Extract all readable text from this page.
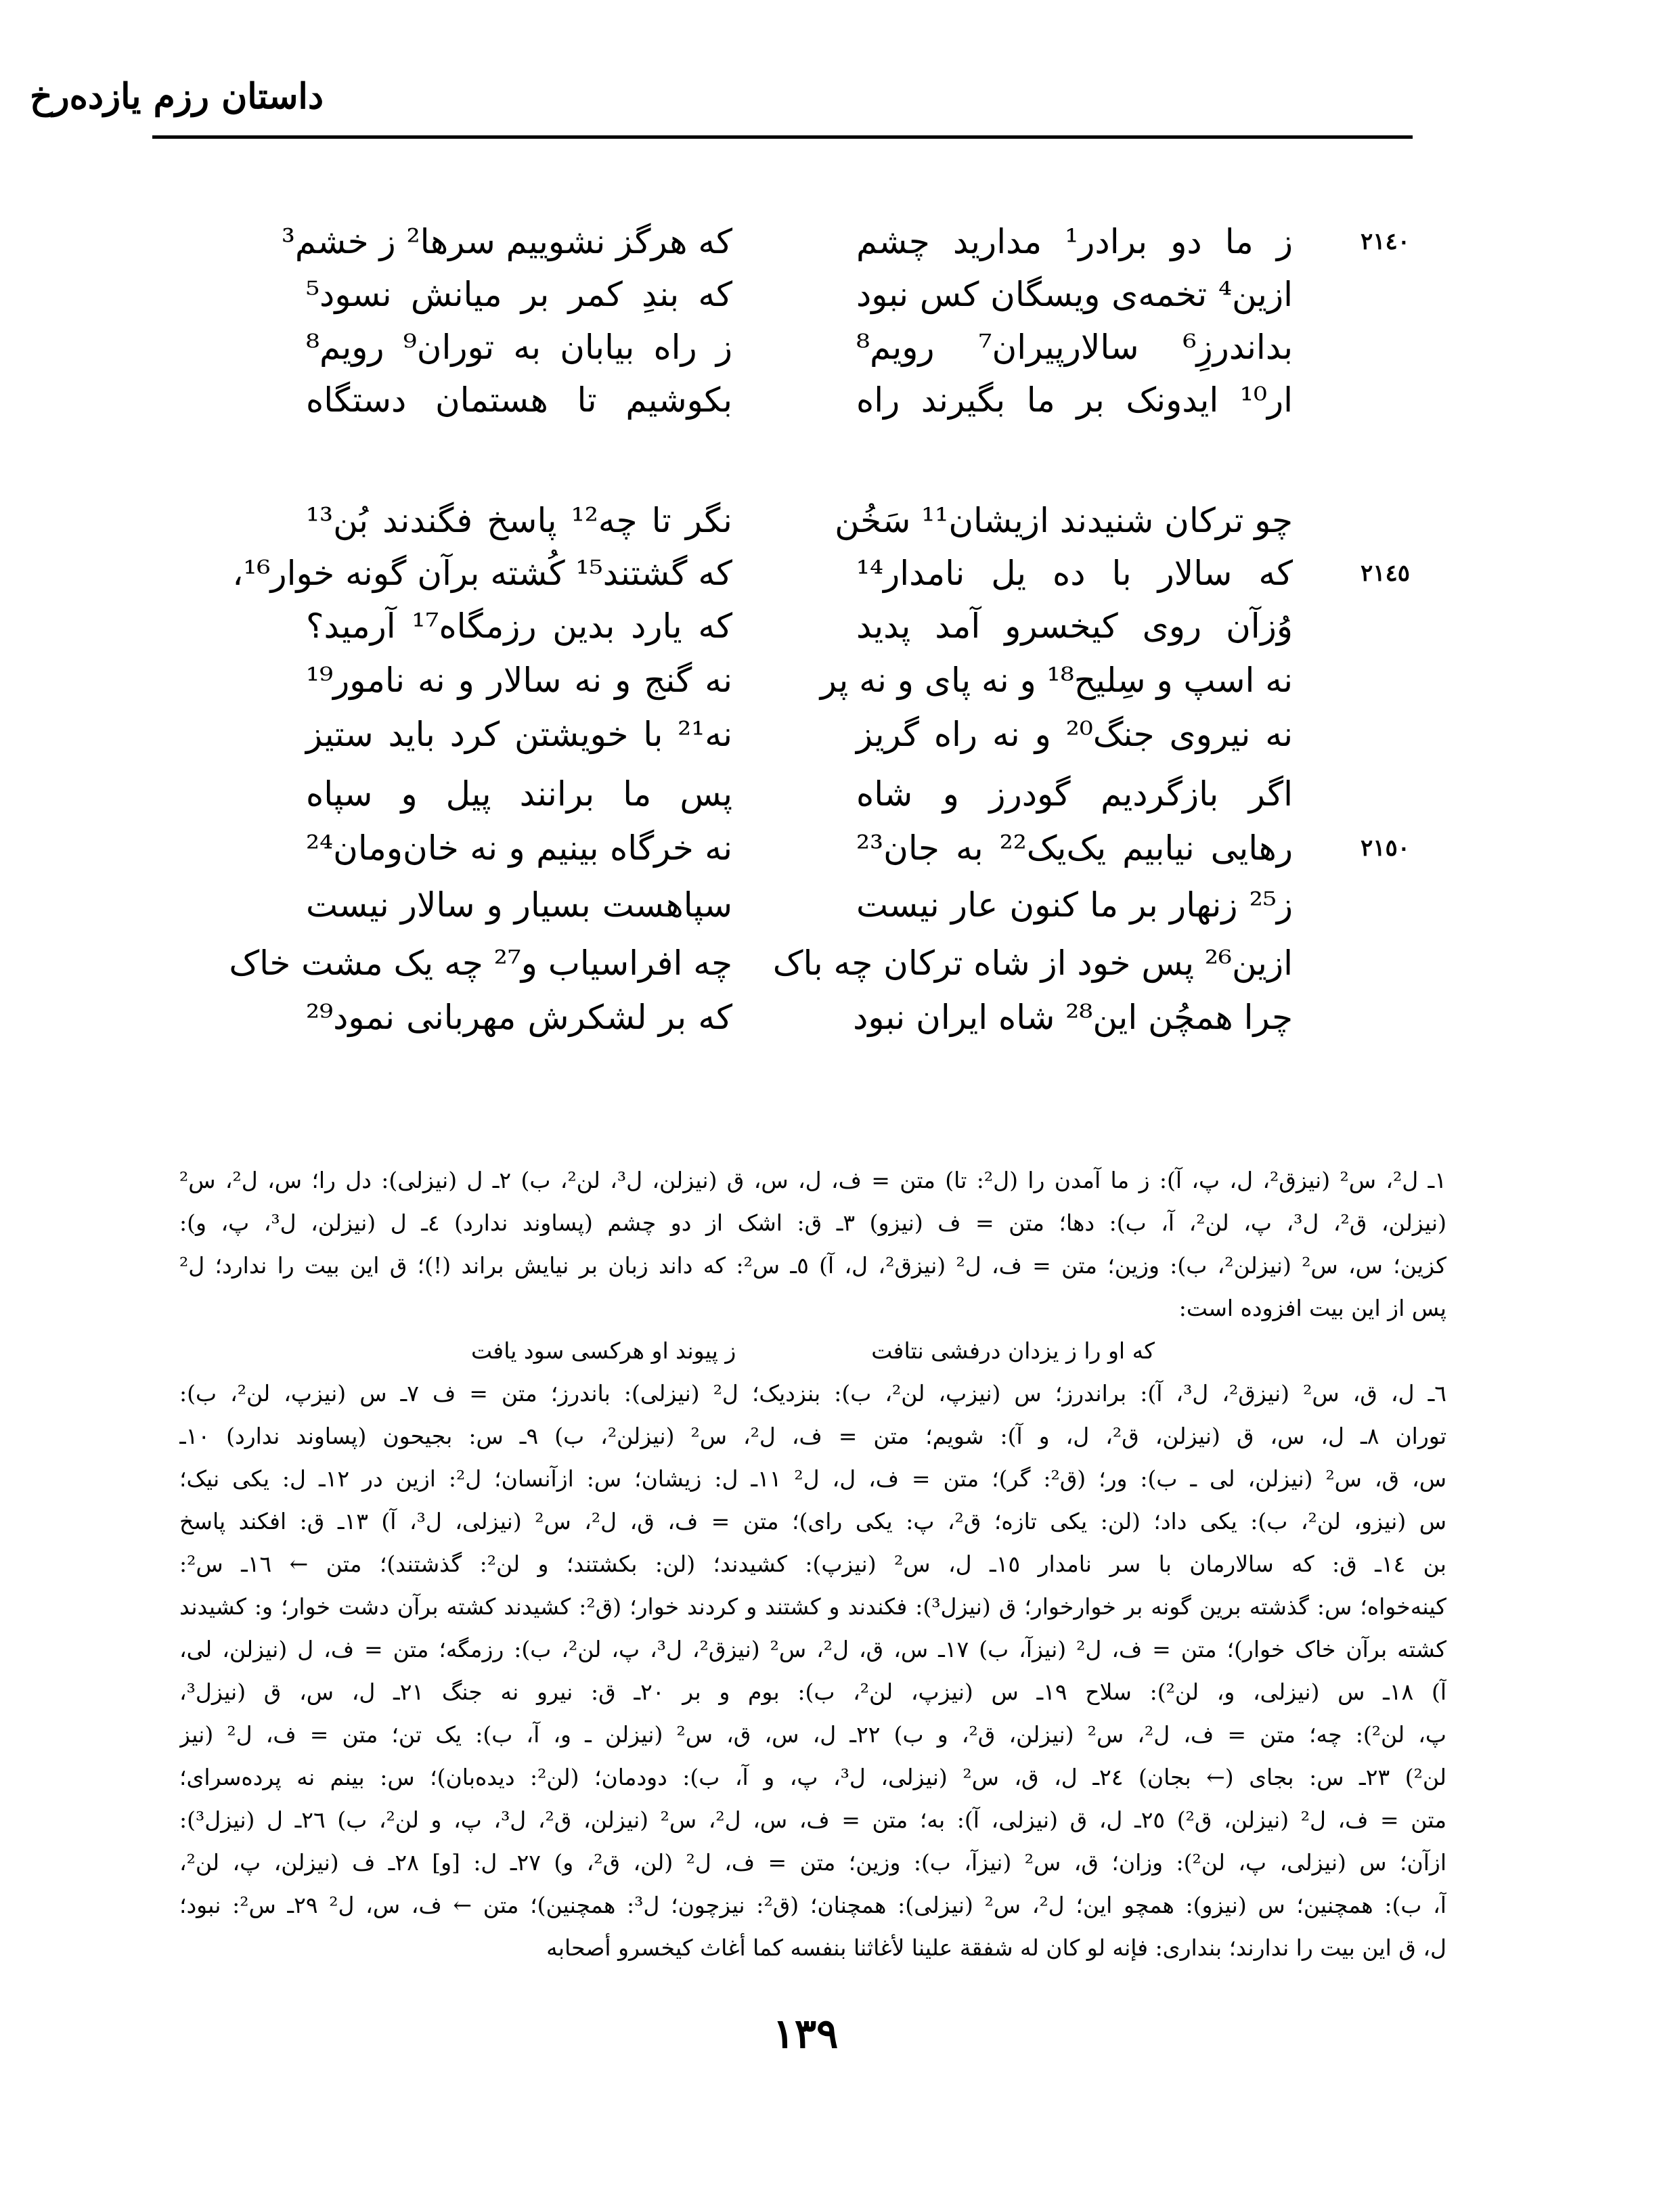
داستان رزم یازده‌رخ
٢١٤٠
ز ما دو برادر¹ مدارید چشم
که هرگز نشوییم سرها² ز خشم³
ازین⁴ تخمه‌ی ویسگان کس نبود
که بندِ کمر بر میانش نسود⁵
بداندرزِ⁶ سالارپیران⁷ رویم⁸
ز راه بیابان به توران⁹ رویم⁸
ار¹⁰ ایدونک بر ما بگیرند راه
بکوشیم تا هستمان دستگاه
چو ترکان شنیدند ازیشان¹¹ سَخُن
نگر تا چه¹² پاسخ فگندند بُن¹³
٢١٤٥
که سالار با ده یل نامدار¹⁴
که گشتند¹⁵ کُشته برآن گونه خوار¹⁶،
وُزآن روی کیخسرو آمد پدید
که یارد بدین رزمگاه¹⁷ آرمید؟
نه اسپ و سِلیح¹⁸ و نه پای و نه پر
نه گنج و نه سالار و نه نامور¹⁹
نه نیروی جنگ²⁰ و نه راه گریز
نه²¹ با خویشتن کرد باید ستیز
اگر بازگردیم گودرز و شاه
پس ما برانند پیل و سپاه
٢١٥٠
رهایی نیابیم یک‌یک²² به جان²³
نه خرگاه بینیم و نه خان‌ومان²⁴
ز²⁵ زنهار بر ما کنون عار نیست
سپاهست بسیار و سالار نیست
ازین²⁶ پس خود از شاه ترکان چه باک
چه افراسیاب و²⁷ چه یک مشت خاک
چرا همچُن این²⁸ شاه ایران نبود
که بر لشکرش مهربانی نمود²⁹
١ـ ل²، س² (نیزق²، ل، پ، آ): ز ما آمدن را (ل²: تا) متن = ف، ل، س، ق (نیزلن، ل³، لن²، ب) ٢ـ ل (نیزلی): دل را؛ س، ل²، س²
(نیزلن، ق²، ل³، پ، لن²، آ، ب): دها؛ متن = ف (نیزو) ٣ـ ق: اشک از دو چشم (پساوند ندارد) ٤ـ ل (نیزلن، ل³، پ، و):
کزین؛ س، س² (نیزلن²، ب): وزین؛ متن = ف، ل² (نیزق²، ل، آ) ٥ـ س²: که داند زبان بر نیایش براند (!)؛ ق این بیت را ندارد؛ ل²
پس از این بیت افزوده است:
که او را ز یزدان درفشی نتافت
ز پیوند او هرکسی سود یافت
٦ـ ل، ق، س² (نیزق²، ل³، آ): براندرز؛ س (نیزپ، لن²، ب): بنزدیک؛ ل² (نیزلی): باندرز؛ متن = ف ٧ـ س (نیزپ، لن²، ب):
توران ٨ـ ل، س، ق (نیزلن، ق²، ل، و آ): شویم؛ متن = ف، ل²، س² (نیزلن²، ب) ٩ـ س: بجیحون (پساوند ندارد) ١٠ـ
س، ق، س² (نیزلن، لی ـ ب): ور؛ (ق²: گر)؛ متن = ف، ل، ل² ١١ـ ل: زیشان؛ س: ازآنسان؛ ل²: ازین در ١٢ـ ل: یکی نیک؛
س (نیزو، لن²، ب): یکی داد؛ (لن: یکی تازه؛ ق²، پ: یکی رای)؛ متن = ف، ق، ل²، س² (نیزلی، ل³، آ) ١٣ـ ق: افکند پاسخ
بن ١٤ـ ق: که سالارمان با سر نامدار ١٥ـ ل، س² (نیزپ): کشیدند؛ (لن: بکشتند؛ و لن²: گذشتند)؛ متن ← ١٦ـ س²:
کینه‌خواه؛ س: گذشته برین گونه بر خوارخوار؛ ق (نیزل³): فکندند و کشتند و کردند خوار؛ (ق²: کشیدند کشته برآن دشت خوار؛ و: کشیدند
کشته برآن خاک خوار)؛ متن = ف، ل² (نیزآ، ب) ١٧ـ س، ق، ل²، س² (نیزق²، ل³، پ، لن²، ب): رزمگه؛ متن = ف، ل (نیزلن، لی،
آ) ١٨ـ س (نیزلی، و، لن²): سلاح ١٩ـ س (نیزپ، لن²، ب): بوم و بر ٢٠ـ ق: نیرو نه جنگ ٢١ـ ل، س، ق (نیزل³،
پ، لن²): چه؛ متن = ف، ل²، س² (نیزلن، ق²، و ب) ٢٢ـ ل، س، ق، س² (نیزلن ـ و، آ، ب): یک تن؛ متن = ف، ل² (نیز
لن²) ٢٣ـ س: بجای (← بجان) ٢٤ـ ل، ق، س² (نیزلی، ل³، پ، و آ، ب): دودمان؛ (لن²: دیده‌بان)؛ س: بینم نه پرده‌سرای؛
متن = ف، ل² (نیزلن، ق²) ٢٥ـ ل، ق (نیزلی، آ): به؛ متن = ف، س، ل²، س² (نیزلن، ق²، ل³، پ، و لن²، ب) ٢٦ـ ل (نیزل³):
ازآن؛ س (نیزلی، پ، لن²): وزان؛ ق، س² (نیزآ، ب): وزین؛ متن = ف، ل² (لن، ق²، و) ٢٧ـ ل: [و] ٢٨ـ ف (نیزلن، پ، لن²،
آ، ب): همچنین؛ س (نیزو): همچو این؛ ل²، س² (نیزلی): همچنان؛ (ق²: نیزچون؛ ل³: همچنین)؛ متن ← ف، س، ل² ٢٩ـ س²: نبود؛
ل، ق این بیت را ندارند؛ بنداری: فإنه لو کان له شفقة علینا لأغاثنا بنفسه کما أغاث کیخسرو أصحابه
١٣٩
